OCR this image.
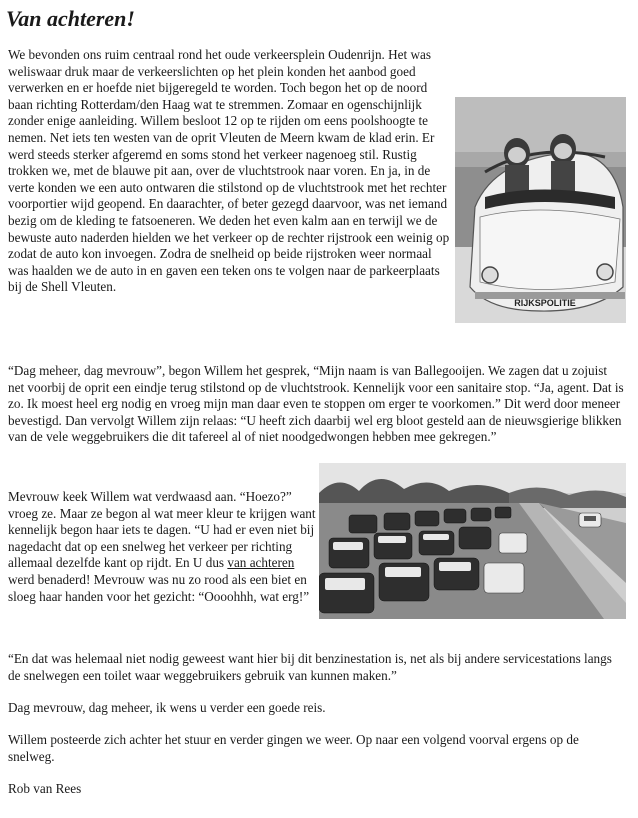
Van achteren!
RIJKSPOLITIE

We bevonden ons ruim centraal rond het oude verkeersplein Oudenrijn. Het was weliswaar druk maar de verkeerslichten op het plein konden het aanbod goed verwerken en er hoefde niet bijgeregeld te worden. Toch begon het op de noord baan richting Rotterdam/den Haag wat te stremmen. Zomaar en ogenschijnlijk zonder enige aanleiding. Willem besloot 12 op te rijden om eens poolshoogte te nemen. Net iets ten westen van de oprit Vleuten de Meern kwam de klad erin. Er werd steeds sterker afgeremd en soms stond het verkeer nagenoeg stil. Rustig trokken we, met de blauwe pit aan, over de vluchtstrook naar voren. En ja, in de verte konden we een auto ontwaren die stilstond op de vluchtstrook met het rechter voorportier wijd geopend. En daarachter, of beter gezegd daarvoor, was net iemand bezig om de kleding te fatsoeneren. We deden het even kalm aan en terwijl we de bewuste auto naderden hielden we het verkeer op de rechter rijstrook een weinig op zodat de auto kon invoegen. Zodra de snelheid op beide rijstroken weer normaal was haalden we de auto in en gaven een teken ons te volgen naar de parkeerplaats bij de Shell Vleuten.

“Dag meheer, dag mevrouw”, begon Willem het gesprek, “Mijn naam is van Ballegooijen. We zagen dat u zojuist net voorbij de oprit een eindje terug stilstond op de vluchtstrook. Kennelijk voor een sanitaire stop. “Ja, agent. Dat is zo. Ik moest heel erg nodig en vroeg mijn man daar even te stoppen om erger te voorkomen.” Dit werd door meneer bevestigd. Dan vervolgt Willem zijn relaas: “U heeft zich daarbij wel erg bloot gesteld aan de nieuwsgierige blikken van de vele weggebruikers die dit tafereel al of niet noodgedwongen hebben mee gekregen.”

Mevrouw keek Willem wat verdwaasd aan. “Hoezo?” vroeg ze. Maar ze begon al wat meer kleur te krijgen want kennelijk begon haar iets te dagen. “U had er even niet bij nagedacht dat op een snelweg het verkeer per richting allemaal dezelfde kant op rijdt. En U dus van achteren werd benaderd! Mevrouw was nu zo rood als een biet en sloeg haar handen voor het gezicht: “Oooohhh, wat erg!”

“En dat was helemaal niet nodig geweest want hier bij dit benzinestation is, net als bij andere servicestations langs de snelwegen een toilet waar weggebruikers gebruik van kunnen maken.”

Dag mevrouw, dag meheer, ik wens u verder een goede reis.

Willem posteerde zich achter het stuur en verder gingen we weer. Op naar een volgend voorval ergens op de snelweg.

Rob van Rees
